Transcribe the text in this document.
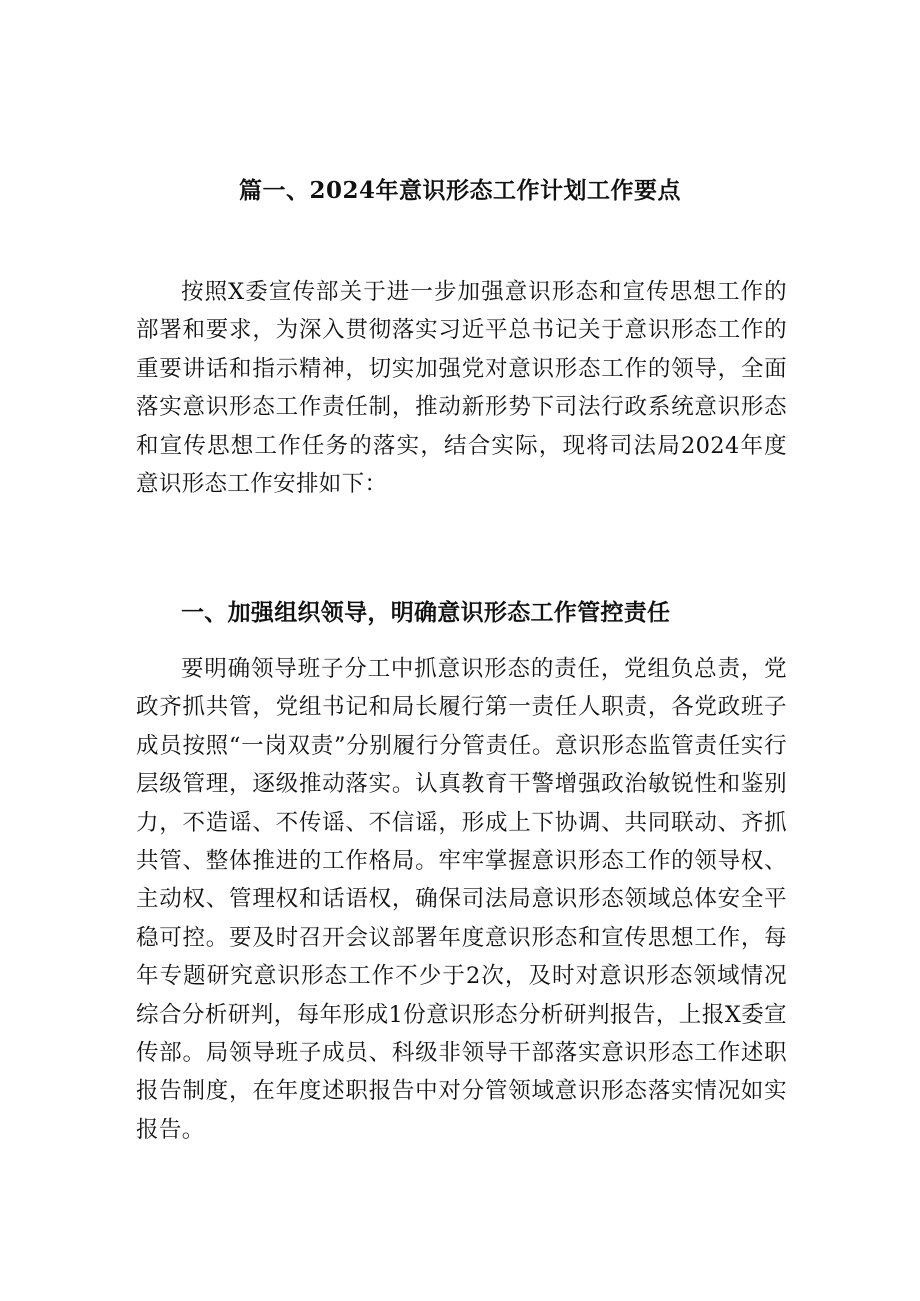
篇一、2024年意识形态工作计划工作要点

按照X委宣传部关于进一步加强意识形态和宣传思想工作的部署和要求，为深入贯彻落实习近平总书记关于意识形态工作的重要讲话和指示精神，切实加强党对意识形态工作的领导，全面落实意识形态工作责任制，推动新形势下司法行政系统意识形态和宣传思想工作任务的落实，结合实际，现将司法局2024年度意识形态工作安排如下：

一、加强组织领导，明确意识形态工作管控责任

要明确领导班子分工中抓意识形态的责任，党组负总责，党政齐抓共管，党组书记和局长履行第一责任人职责，各党政班子成员按照“一岗双责”分别履行分管责任。意识形态监管责任实行层级管理，逐级推动落实。认真教育干警增强政治敏锐性和鉴别力，不造谣、不传谣、不信谣，形成上下协调、共同联动、齐抓共管、整体推进的工作格局。牢牢掌握意识形态工作的领导权、主动权、管理权和话语权，确保司法局意识形态领域总体安全平稳可控。要及时召开会议部署年度意识形态和宣传思想工作，每年专题研究意识形态工作不少于2次，及时对意识形态领域情况综合分析研判，每年形成1份意识形态分析研判报告，上报X委宣传部。局领导班子成员、科级非领导干部落实意识形态工作述职报告制度，在年度述职报告中对分管领域意识形态落实情况如实报告。
